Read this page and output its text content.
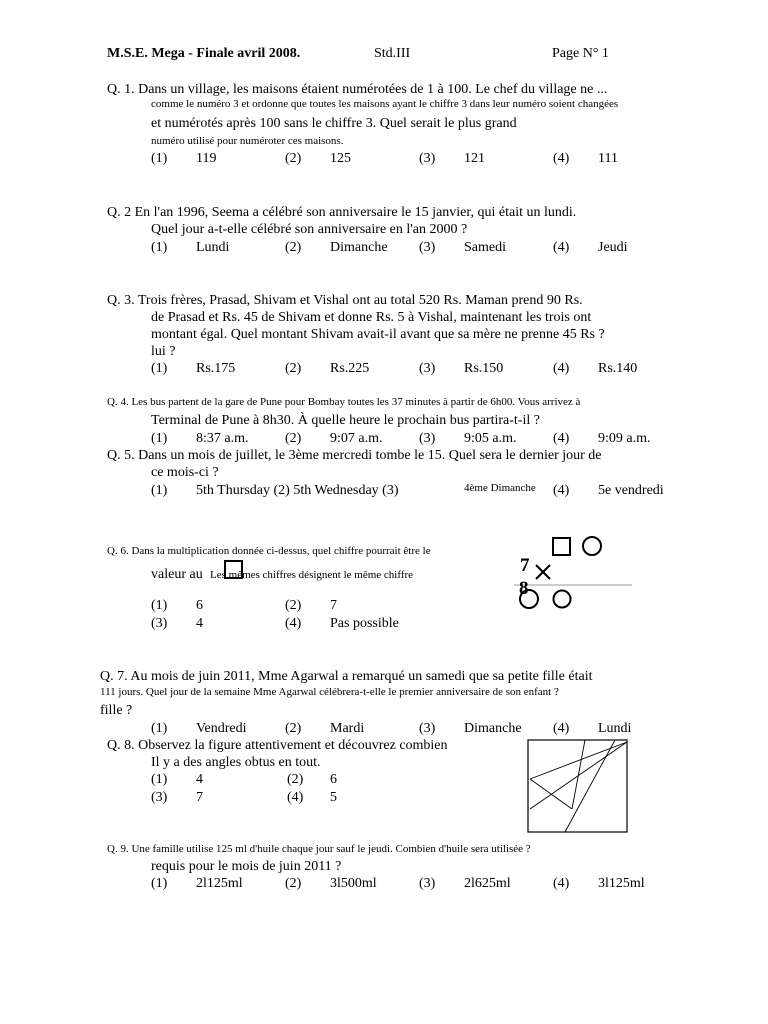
M.S.E. Mega - Finale avril 2008.	Std.III	Page N° 1
Q. 1. Dans un village, les maisons étaient numérotées de 1 à 100. Le chef du village ne ...
comme le numéro 3 et ordonne que toutes les maisons ayant le chiffre 3 dans leur numéro soient changées
et numérotés après 100 sans le chiffre 3. Quel serait le plus grand
numéro utilisé pour numéroter ces maisons.
(1) 119	(2) 125	(3) 121	(4) 111
Q. 2 En l'an 1996, Seema a célébré son anniversaire le 15 janvier, qui était un lundi.
Quel jour a-t-elle célébré son anniversaire en l'an 2000 ?
(1) Lundi	(2) Dimanche (3) Samedi	(4) Jeudi
Q. 3. Trois frères, Prasad, Shivam et Vishal ont au total 520 Rs. Maman prend 90 Rs.
de Prasad et Rs. 45 de Shivam et donne Rs. 5 à Vishal, maintenant les trois ont
montant égal. Quel montant Shivam avait-il avant que sa mère ne prenne 45 Rs ?
lui ?
(1) Rs.175	(2) Rs.225	(3) Rs.150	(4) Rs.140
Q. 4. Les bus partent de la gare de Pune pour Bombay toutes les 37 minutes à partir de 6h00. Vous arrivez à
Terminal de Pune à 8h30. À quelle heure le prochain bus partira-t-il ?
(1) 8:37 a.m.	(2) 9:07 a.m.	(3) 9:05 a.m.	(4) 9:09 a.m.
Q. 5. Dans un mois de juillet, le 3ème mercredi tombe le 15. Quel sera le dernier jour de
ce mois-ci ?
(1) 5th Thursday (2) 5th Wednesday (3)	4ème Dimanche (4) 5e vendredi
Q. 6. Dans la multiplication donnée ci-dessus, quel chiffre pourrait être le
valeur au Les mêmes chiffres désignent le même chiffre
(1) 6	(2) 7
(3) 4	(4) Pas possible
7
8
Q. 7. Au mois de juin 2011, Mme Agarwal a remarqué un samedi que sa petite fille était
111 jours. Quel jour de la semaine Mme Agarwal célébrera-t-elle le premier anniversaire de son enfant ?
fille ?
(1) Vendredi	(2) Mardi	(3) Dimanche (4) Lundi
Q. 8. Observez la figure attentivement et découvrez combien
Il y a des angles obtus en tout.
(1) 4	(2) 6
(3) 7	(4) 5
Q. 9. Une famille utilise 125 ml d'huile chaque jour sauf le jeudi. Combien d'huile sera utilisée ?
requis pour le mois de juin 2011 ?
(1) 2l125ml	(2) 3l500ml	(3) 2l625ml	(4) 3l125ml
